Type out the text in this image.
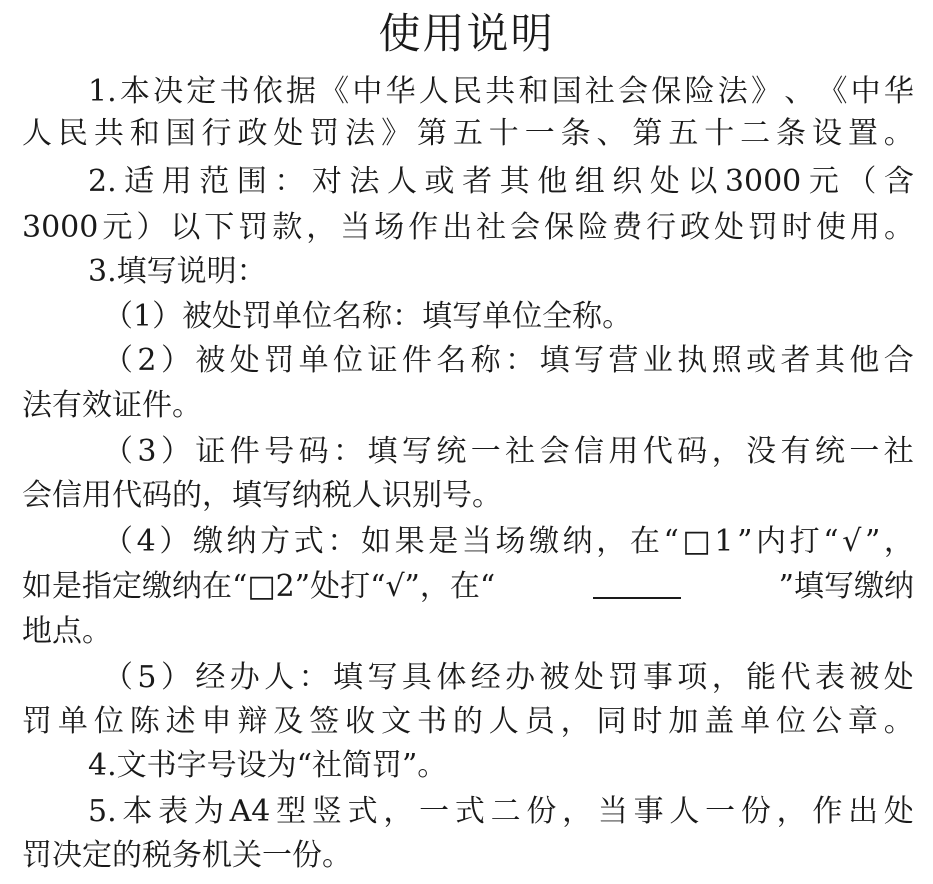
使用说明
1. 本 决 定 书 依 据 《 中 华 人 民 共 和 国 社 会 保 险 法 》 、 《 中 华
人 民 共 和 国 行 政 处 罚 法 》 第 五 十 一 条 、 第 五 十 二 条 设 置 。
2. 适 用 范 围 ： 对 法 人 或 者 其 他 组 织 处 以 3000 元 （ 含
3000 元 ） 以 下 罚 款 ， 当 场 作 出 社 会 保 险 费 行 政 处 罚 时 使 用 。
3.填写说明：
（1）被处罚单位名称：填写单位全称。
（ 2 ） 被 处 罚 单 位 证 件 名 称 ： 填 写 营 业 执 照 或 者 其 他 合
法有效证件。
（ 3 ） 证 件 号 码 ： 填 写 统 一 社 会 信 用 代 码 ， 没 有 统 一 社
会信用代码的，填写纳税人识别号。
（ 4 ） 缴 纳 方 式 ： 如 果 是 当 场 缴 纳 ， 在 “ □ 1 ” 内 打 “ √ ” ，
如是指定缴纳在“□2”处打“√”，在“	”填写缴纳
地点。
（ 5 ） 经 办 人 ： 填 写 具 体 经 办 被 处 罚 事 项 ， 能 代 表 被 处
罚 单 位 陈 述 申 辩 及 签 收 文 书 的 人 员 ， 同 时 加 盖 单 位 公 章 。
4.文书字号设为“社简罚”。
5. 本 表 为 A4 型 竖 式 ， 一 式 二 份 ， 当 事 人 一 份 ， 作 出 处
罚决定的税务机关一份。
